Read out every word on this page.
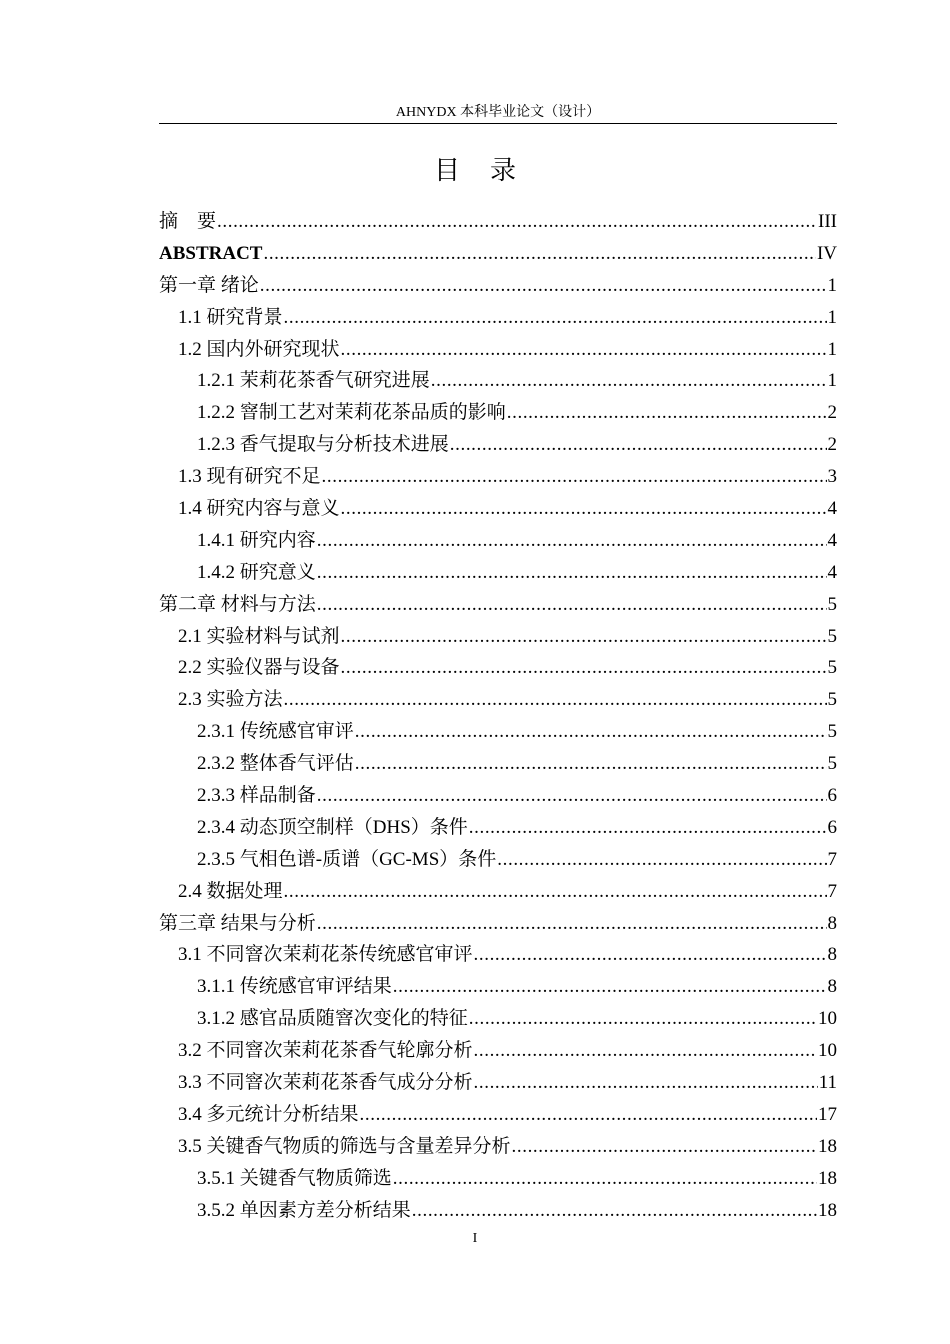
AHNYDX 本科毕业论文（设计）
目 录
摘　要 .....	III
ABSTRACT .....	IV
第一章 绪论 .....	1
1.1 研究背景 .....	1
1.2 国内外研究现状 .....	1
1.2.1 茉莉花茶香气研究进展 .....	1
1.2.2 窨制工艺对茉莉花茶品质的影响 .....	2
1.2.3 香气提取与分析技术进展 .....	2
1.3 现有研究不足 .....	3
1.4 研究内容与意义 .....	4
1.4.1 研究内容 .....	4
1.4.2 研究意义 .....	4
第二章 材料与方法 .....	5
2.1 实验材料与试剂 .....	5
2.2 实验仪器与设备 .....	5
2.3 实验方法 .....	5
2.3.1 传统感官审评 .....	5
2.3.2 整体香气评估 .....	5
2.3.3 样品制备 .....	6
2.3.4 动态顶空制样（DHS）条件 .....	6
2.3.5 气相色谱-质谱（GC-MS）条件 .....	7
2.4 数据处理 .....	7
第三章 结果与分析 .....	8
3.1 不同窨次茉莉花茶传统感官审评 .....	8
3.1.1 传统感官审评结果 .....	8
3.1.2 感官品质随窨次变化的特征 .....	10
3.2 不同窨次茉莉花茶香气轮廓分析 .....	10
3.3 不同窨次茉莉花茶香气成分分析 .....	11
3.4 多元统计分析结果 .....	17
3.5 关键香气物质的筛选与含量差异分析 .....	18
3.5.1 关键香气物质筛选 .....	18
3.5.2 单因素方差分析结果 .....	18
I
